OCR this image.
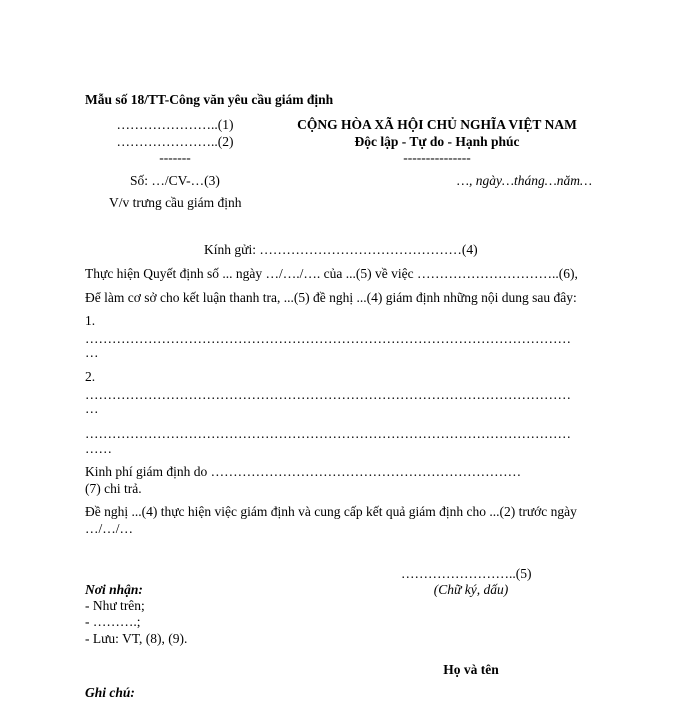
Mẫu số 18/TT-Công văn yêu cầu giám định
…………………..(1)
…………………..(2)
-------
Số: …/CV-…(3)
V/v trưng cầu giám định
CỘNG HÒA XÃ HỘI CHỦ NGHĨA VIỆT NAM
Độc lập - Tự do - Hạnh phúc
---------------
…, ngày…tháng…năm…
Kính gửi: ………………………………………(4)
Thực hiện Quyết định số ... ngày …/…./…. của ...(5) về việc …………………………..(6),
Để làm cơ sở cho kết luận thanh tra, ...(5) đề nghị ...(4) giám định những nội dung sau đây:
1.
………………………………………………………………………………………………
…
2.
………………………………………………………………………………………………
…
………………………………………………………………………………………………
……
Kinh phí giám định do ……………………………………………………………
(7) chi trả.
Đề nghị ...(4) thực hiện việc giám định và cung cấp kết quả giám định cho ...(2) trước ngày
…/…/…
……………………..(5)
(Chữ ký, dấu)
Họ và tên
Nơi nhận:
- Như trên;
- ……….;
- Lưu: VT, (8), (9).
Ghi chú:
